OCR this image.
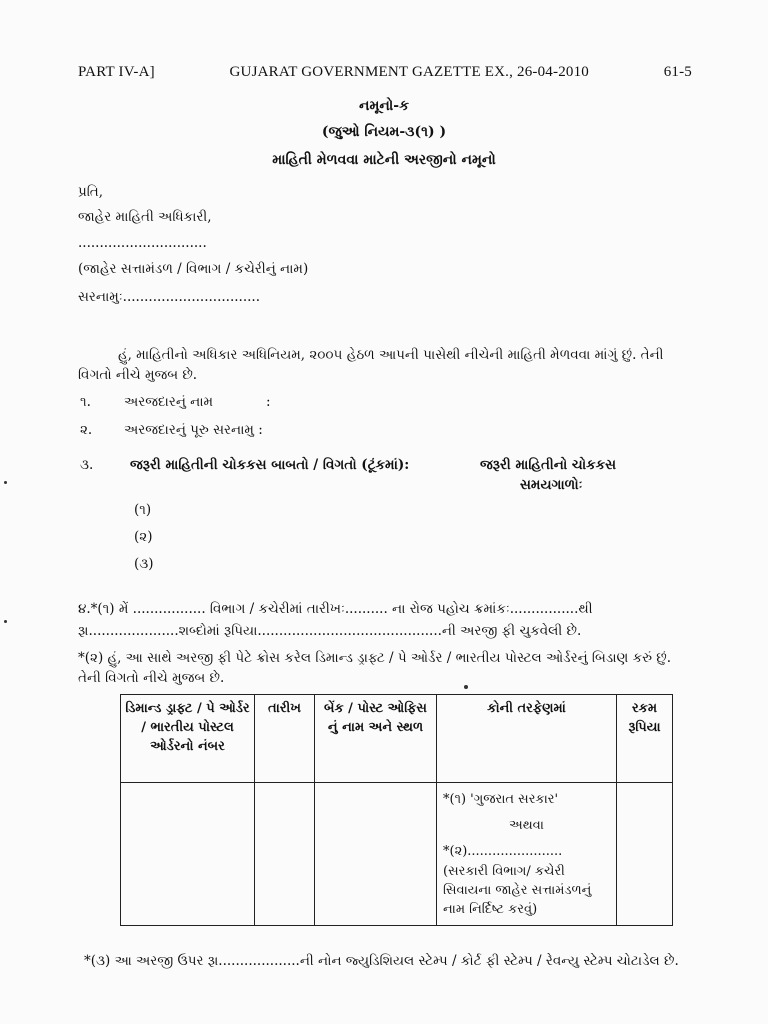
PART IV-A]	GUJARAT GOVERNMENT GAZETTE EX., 26-04-2010	61-5
નમૂનો-ક
(જુઓ નિયમ-૩(૧) )
માહિતી મેળવવા માટેની અરજીનો નમૂનો
પ્રતિ,
જાહેર માહિતી અધિકારી,
..............................
(જાહેર સત્તામંડળ / વિભાગ / કચેરીનું નામ)
સરનામુઃ................................
હું, માહિતીનો અધિકાર અધિનિયમ, ૨૦૦૫ હેઠળ આપની પાસેથી નીચેની માહિતી મેળવવા માંગું છું. તેની વિગતો નીચે મુજબ છે.
૧. અરજદારનું નામ	:
૨. અરજદારનું પૂરુ સરનામુ :
૩.	જરૂરી માહિતીની ચોકકસ બાબતો / વિગતો (ટૂંકમાં):	જરૂરી માહિતીનો ચોકકસ
સમયગાળોઃ
(૧)
(૨)
(૩)
૪.*(૧) મેં ................. વિભાગ / કચેરીમાં તારીખઃ.......... ના રોજ પહોચ ક્રમાંકઃ................થી
રૂા.....................શબ્દોમાં રૂપિયા...........................................ની અરજી ફી ચુકવેલી છે.
*(૨) હું, આ સાથે અરજી ફી પેટે ક્રોસ કરેલ ડિમાન્ડ ડ્રાફ્ટ / પે ઓર્ડર / ભારતીય પોસ્ટલ ઓર્ડરનું બિડાણ કરું છું. તેની વિગતો નીચે મુજબ છે.
ડિમાન્ડ ડ્રાફ્ટ / પે ઓર્ડર / ભારતીય પોસ્ટલ ઓર્ડરનો નંબર	તારીખ	બેંક / પોસ્ટ ઓફિસ નું નામ અને સ્થળ	કોની તરફેણમાં	રકમ રૂપિયા

			*(૧) 'ગુજરાત સરકાર'
અથવા
*(૨).......................
(સરકારી વિભાગ/ કચેરી સિવાયના જાહેર સત્તામંડળનું નામ નિર્દિષ્ટ કરવું)	

*(૩) આ અરજી ઉપર રૂા...................ની નોન જ્યુડિશિયલ સ્ટેમ્પ / કોર્ટ ફી સ્ટેમ્પ / રેવન્યુ સ્ટેમ્પ ચોટાડેલ છે.
